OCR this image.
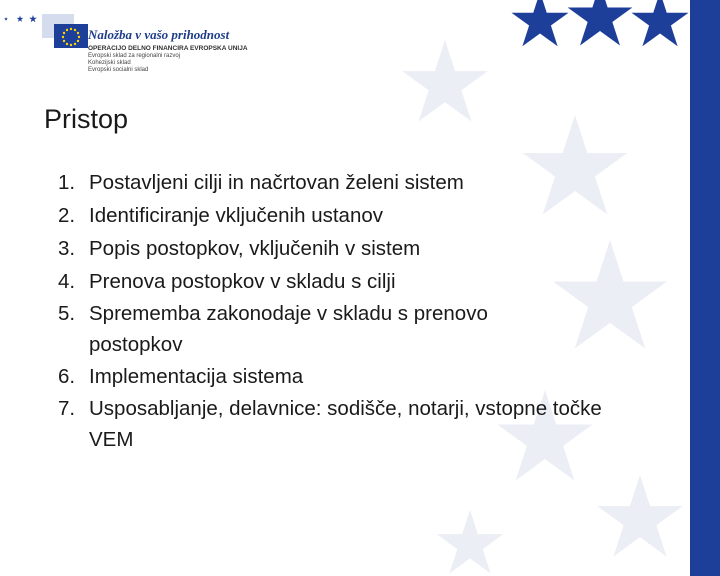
Naložba v vašo prihodnost
OPERACIJO DELNO FINANCIRA EVROPSKA UNIJA
Evropski sklad za regionalni razvoj
Kohezijski sklad
Evropski socialni sklad
Pristop
1. Postavljeni cilji in načrtovan želeni sistem
2. Identificiranje vključenih ustanov
3. Popis postopkov, vključenih v sistem
4. Prenova postopkov v skladu s cilji
5. Sprememba zakonodaje v skladu s prenovo postopkov
6. Implementacija sistema
7. Usposabljanje, delavnice: sodišče, notarji, vstopne točke VEM
